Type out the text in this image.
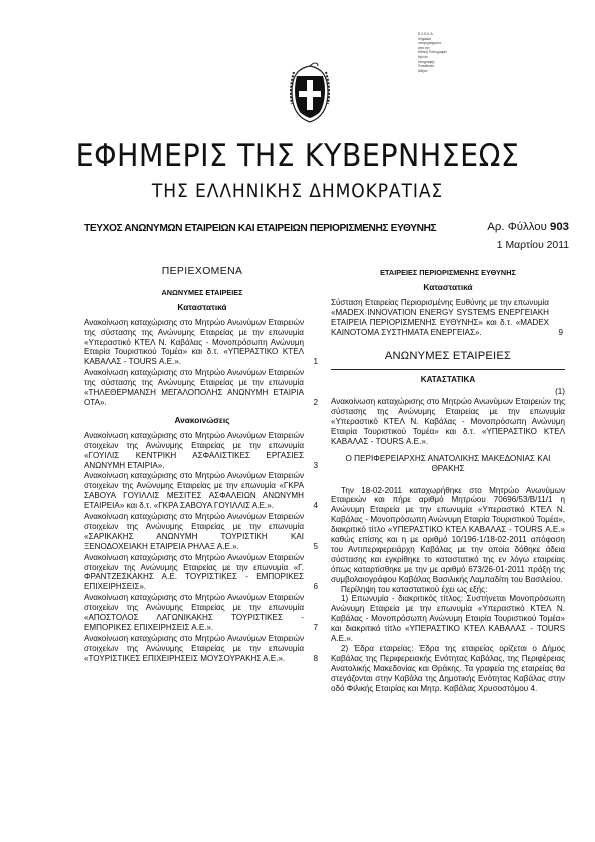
Ε.Λ.Ε.Κ.Α.
Ψηφιακά
υπογεγραμμένο
από την
Εθνική Τυπογραφία
Ημ/νία
υπογραφής
Τοποθεσία:
Αθήνα
ΕΦΗΜΕΡΙΣ ΤΗΣ ΚΥΒΕΡΝΗΣΕΩΣ
ΤΗΣ ΕΛΛΗΝΙΚΗΣ ΔΗΜΟΚΡΑΤΙΑΣ
ΤΕΥΧΟΣ ΑΝΩΝΥΜΩΝ ΕΤΑΙΡΕΙΩΝ ΚΑΙ ΕΤΑΙΡΕΙΩΝ ΠΕΡΙΟΡΙΣΜΕΝΗΣ ΕΥΘΥΝΗΣ	Αρ. Φύλλου 903
1 Μαρτίου 2011
ΠΕΡΙΕΧΟΜΕΝΑ
ΑΝΩΝΥΜΕΣ ΕΤΑΙΡΕΙΕΣ
Καταστατικά
Ανακοίνωση καταχώρισης στο Μητρώο Ανωνύμων Εταιρειών της σύστασης της Ανώνυμης Εταιρείας με την επωνυμία «Υπεραστικό ΚΤΕΛ Ν. Καβάλας - Μονοπρόσωπη Ανώνυμη Εταιρία Τουριστικού Τομέα» και δ.τ. «ΥΠΕΡΑΣΤΙΚΟ ΚΤΕΛ ΚΑΒΑΛΑΣ - TOURS Α.Ε.».	1
Ανακοίνωση καταχώρισης στο Μητρώο Ανωνύμων Εταιρειών της σύστασης της Ανώνυμης Εταιρείας με την επωνυμία «ΤΗΛΕΘΕΡΜΑΝΣΗ ΜΕΓΑΛΟΠΟΛΗΣ ΑΝΩΝΥΜΗ ΕΤΑΙΡΙΑ ΟΤΑ».	2
Ανακοινώσεις
Ανακοίνωση καταχώρισης στο Μητρώο Ανωνύμων Εταιρειών στοιχείων της Ανώνυμης Εταιρείας με την επωνυμία «ΓΟΥΙΛΙΣ ΚΕΝΤΡΙΚΗ ΑΣΦΑΛΙΣΤΙΚΕΣ ΕΡΓΑΣΙΕΣ ΑΝΩΝΥΜΗ ΕΤΑΙΡΙΑ».	3
Ανακοίνωση καταχώρισης στο Μητρώο Ανωνύμων Εταιρειών στοιχείων της Ανώνυμης Εταιρείας με την επωνυμία «ΓΚΡΑ ΣΑΒΟΥΑ ΓΟΥΙΛΛΙΣ ΜΕΣΙΤΕΣ ΑΣΦΑΛΕΙΩΝ ΑΝΩΝΥΜΗ ΕΤΑΙΡΕΙΑ» και δ.τ. «ΓΚΡΑ ΣΑΒΟΥΑ ΓΟΥΙΛΛΙΣ Α.Ε.».	4
Ανακοίνωση καταχώρισης στο Μητρώο Ανωνύμων Εταιρειών στοιχείων της Ανώνυμης Εταιρείας με την επωνυμία «ΣΑΡΙΚΑΚΗΣ ΑΝΩΝΥΜΗ ΤΟΥΡΙΣΤΙΚΗ ΚΑΙ ΞΕΝΟΔΟΧΕΙΑΚΗ ΕΤΑΙΡΕΙΑ ΡΗΛΑΞ Α.Ε.».	5
Ανακοίνωση καταχώρισης στο Μητρώο Ανωνύμων Εταιρειών στοιχείων της Ανώνυμης Εταιρείας με την επωνυμία «Γ. ΦΡΑΝΤΖΕΣΚΑΚΗΣ Α.Ε. ΤΟΥΡΙΣΤΙΚΕΣ - ΕΜΠΟΡΙΚΕΣ ΕΠΙΧΕΙΡΗΣΕΙΣ».	6
Ανακοίνωση καταχώρισης στο Μητρώο Ανωνύμων Εταιρειών στοιχείων της Ανώνυμης Εταιρείας με την επωνυμία «ΑΠΟΣΤΟΛΟΣ ΛΑΓΩΝΙΚΑΚΗΣ ΤΟΥΡΙΣΤΙΚΕΣ - ΕΜΠΟΡΙΚΕΣ ΕΠΙΧΕΙΡΗΣΕΙΣ Α.Ε.».	7
Ανακοίνωση καταχώρισης στο Μητρώο Ανωνύμων Εταιρειών στοιχείων της Ανώνυμης Εταιρείας με την επωνυμία «ΤΟΥΡΙΣΤΙΚΕΣ ΕΠΙΧΕΙΡΗΣΕΙΣ ΜΟΥΣΟΥΡΑΚΗΣ Α.Ε.».	8
ΕΤΑΙΡΕΙΕΣ ΠΕΡΙΟΡΙΣΜΕΝΗΣ ΕΥΘΥΝΗΣ
Καταστατικά
Σύσταση Εταιρείας Περιορισμένης Ευθύνης με την επωνυμία «MADEX INNOVATION ENERGY SYSTEMS ΕΝΕΡΓΕΙΑΚΗ ΕΤΑΙΡΕΙΑ ΠΕΡΙΟΡΙΣΜΕΝΗΣ ΕΥΘΥΝΗΣ» και δ.τ. «MADEX ΚΑΙΝΟΤΟΜΑ ΣΥΣΤΗΜΑΤΑ ΕΝΕΡΓΕΙΑΣ».	9
ΑΝΩΝΥΜΕΣ ΕΤΑΙΡΕΙΕΣ
ΚΑΤΑΣΤΑΤΙΚΑ
(1)
Ανακοίνωση καταχώρισης στο Μητρώο Ανωνύμων Εταιρειών της σύστασης της Ανώνυμης Εταιρείας με την επωνυμία «Υπεραστικό ΚΤΕΛ Ν. Καβάλας - Μονοπρόσωπη Ανώνυμη Εταιρία Τουριστικού Τομέα» και δ.τ. «ΥΠΕΡΑΣΤΙΚΟ ΚΤΕΛ ΚΑΒΑΛΑΣ - TOURS Α.Ε.».
Ο ΠΕΡΙΦΕΡΕΙΑΡΧΗΣ ΑΝΑΤΟΛΙΚΗΣ ΜΑΚΕΔΟΝΙΑΣ ΚΑΙ ΘΡΑΚΗΣ

Την 18-02-2011 καταχωρήθηκε στο Μητρώο Ανωνύμων Εταιρειών και πήρε αριθμό Μητρώου 70696/53/Β/11/1 η Ανώνυμη Εταιρεία με την επωνυμία «Υπεραστικό ΚΤΕΛ Ν. Καβάλας - Μονοπρόσωπη Ανώνυμη Εταιρία Τουριστικού Τομέα», διακριτικό τίτλο «ΥΠΕΡΑΣΤΙΚΟ ΚΤΕΛ ΚΑΒΑΛΑΣ - TOURS Α.Ε.» καθώς επίσης και η με αριθμό 10/196-1/18-02-2011 απόφαση του Αντιπεριφερειάρχη Καβάλας με την οποία δόθηκε άδεια σύστασης και εγκρίθηκε το καταστατικό της εν λόγω εταιρείας όπως καταρτίσθηκε με την με αριθμό 673/26-01-2011 πράξη της συμβολαιογράφου Καβάλας Βασιλικής Λαμπαδίτη του Βασιλείου.

Περίληψη του καταστατικού έχει ως εξής:

1) Επωνυμία - διακριτικός τίτλος: Συστήνεται Μονοπρόσωπη Ανώνυμη Εταιρεία με την επωνυμία «Υπεραστικό ΚΤΕΛ Ν. Καβάλας - Μονοπρόσωπη Ανώνυμη Εταιρία Τουριστικού Τομέα» και διακριτικό τίτλο «ΥΠΕΡΑΣΤΙΚΟ ΚΤΕΛ ΚΑΒΑΛΑΣ - TOURS Α.Ε.».

2) Έδρα εταιρείας: Έδρα της εταιρείας ορίζεται ο Δήμος Καβάλας της Περιφερειακής Ενότητας Καβάλας, της Περιφέρειας Ανατολικής Μακεδονίας και Θράκης. Τα γραφεία της εταιρείας θα στεγάζονται στην Καβάλα της Δημοτικής Ενότητας Καβάλας στην οδό Φιλικής Εταιρίας και Μητρ. Καβάλας Χρυσοστόμου 4.
